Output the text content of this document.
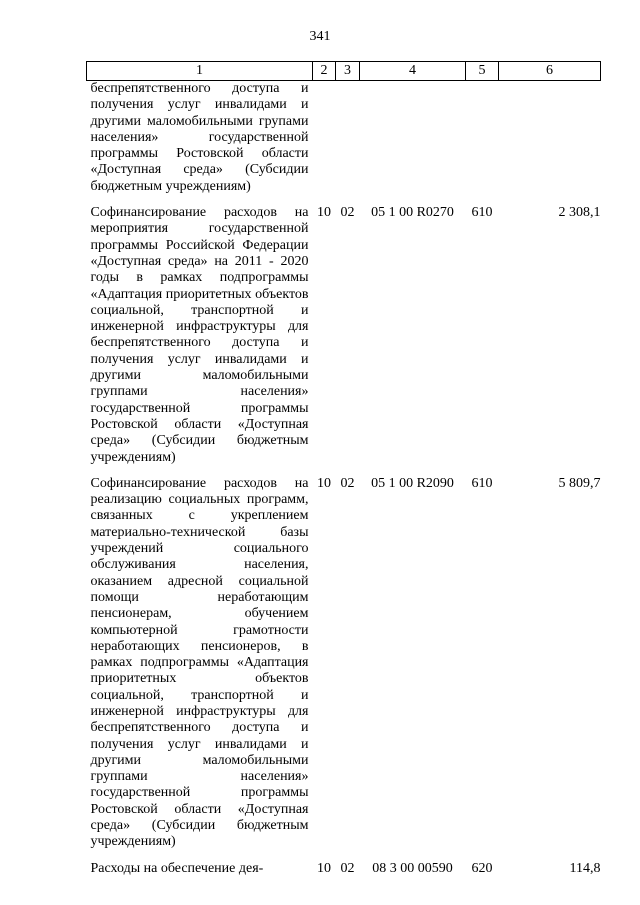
341
1	2	3	4	5	6
беспрепятственного доступа и получения услуг инвалидами и другими маломобильными групами населения» государственной программы Ростовской области «Доступная среда» (Субсидии бюджетным учреждениям)					
Софинансирование расходов на мероприятия государственной программы Российской Федерации «Доступная среда» на 2011 - 2020 годы в рамках подпрограммы «Адаптация приоритетных объектов социальной, транспортной и инженерной инфраструктуры для беспрепятственного доступа и получения услуг инвалидами и другими маломобильными группами населения» государственной программы Ростовской области «Доступная среда» (Субсидии бюджетным учреждениям)	10	02	05 1 00 R0270	610	2 308,1
Софинансирование расходов на реализацию социальных программ, связанных с укреплением материально-технической базы учреждений социального обслуживания населения, оказанием адресной социальной помощи неработающим пенсионерам, обучением компьютерной грамотности неработающих пенсионеров, в рамках подпрограммы «Адаптация приоритетных объектов социальной, транспортной и инженерной инфраструктуры для беспрепятственного доступа и получения услуг инвалидами и другими маломобильными группами населения» государственной программы Ростовской области «Доступная среда» (Субсидии бюджетным учреждениям)	10	02	05 1 00 R2090	610	5 809,7
Расходы на обеспечение дея-	10	02	08 3 00 00590	620	114,8
